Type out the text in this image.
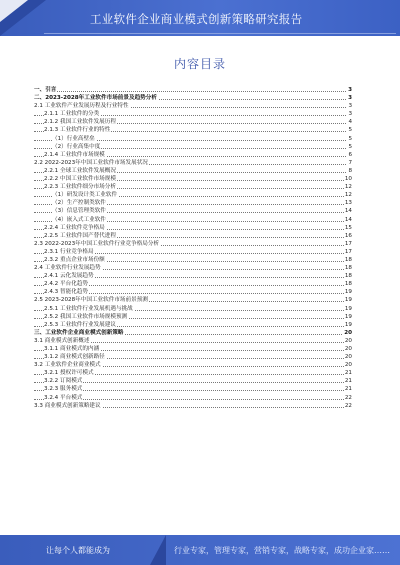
工业软件企业商业模式创新策略研究报告
内容目录
一、引言	3
二、2023-2028年工业软件市场前景及趋势分析	3
2.1 工业软件产业发展历程及行业特性	3
2.1.1 工业软件的分类	3
2.1.2 我国工业软件发展历程	4
2.1.3 工业软件行业的特性	5
（1）行业高壁垒	5
（2）行业高集中度	5
2.1.4 工业软件市场规模	6
2.2 2022-2023年中国工业软件市场发展状况	7
2.2.1 全球工业软件发展概况	8
2.2.2 中国工业软件市场规模	10
2.2.3 工业软件细分市场分析	12
（1）研发设计类工业软件	12
（2）生产控制类软件	13
（3）信息管理类软件	14
（4）嵌入式工业软件	14
2.2.4 工业软件竞争格局	15
2.2.5 工业软件国产替代进程	16
2.3 2022-2023年中国工业软件行业竞争格局分析	17
2.3.1 行业竞争格局	17
2.3.2 重点企业市场份额	18
2.4 工业软件行业发展趋势	18
2.4.1 云化发展趋势	18
2.4.2 平台化趋势	18
2.4.3 智能化趋势	19
2.5 2023-2028年中国工业软件市场前景预测	19
2.5.1 工业软件行业发展机遇与挑战	19
2.5.2 我国工业软件市场规模预测	19
2.5.3 工业软件行业发展建议	19
三、工业软件企业商业模式创新策略	20
3.1 商业模式创新概述	20
3.1.1 商业模式的内涵	20
3.1.2 商业模式创新路径	20
3.2 工业软件企业商业模式	20
3.2.1 授权许可模式	21
3.2.2 订阅模式	21
3.2.3 服务模式	21
3.2.4 平台模式	22
3.3 商业模式创新策略建议	22
让每个人都能成为	行业专家，管理专家，营销专家，战略专家，成功企业家……
